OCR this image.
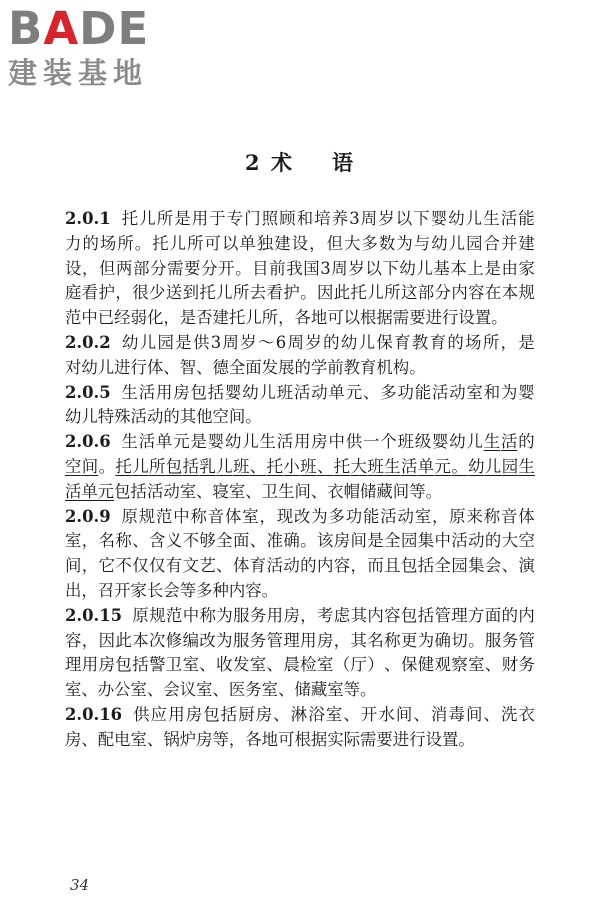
BADE
建装基地
2 术 语
2.0.1 托 儿 所 是 用 于 专 门 照 顾 和 培 养 3 周 岁 以 下 婴 幼 儿 生 活 能
力 的 场 所 。 托 儿 所 可 以 单 独 建 设 ， 但 大 多 数 为 与 幼 儿 园 合 并 建
设 ， 但 两 部 分 需 要 分 开 。 目 前 我 国 3 周 岁 以 下 幼 儿 基 本 上 是 由 家
庭 看 护 ， 很 少 送 到 托 儿 所 去 看 护 。 因 此 托 儿 所 这 部 分 内 容 在 本 规
范中已经弱化，是否建托儿所，各地可以根据需要进行设置。
2.0.2 幼 儿 园 是 供 3 周 岁 ～ 6 周 岁 的 幼 儿 保 育 教 育 的 场 所 ， 是
对幼儿进行体、智、德全面发展的学前教育机构。
2.0.5 生 活 用 房 包 括 婴 幼 儿 班 活 动 单 元 、 多 功 能 活 动 室 和 为 婴
幼儿特殊活动的其他空间。
2.0.6 生 活 单 元 是 婴 幼 儿 生 活 用 房 中 供 一 个 班 级 婴 幼 儿 生 活 的
空 间 。 托 儿 所 包 括 乳 儿 班 、 托 小 班 、 托 大 班 生 活 单 元 。 幼 儿 园 生
活单元 包括活动室、寝室、卫生间、衣帽储藏间等。
2.0.9 原 规 范 中 称 音 体 室 ， 现 改 为 多 功 能 活 动 室 ， 原 来 称 音 体
室 ， 名 称 、 含 义 不 够 全 面 、 准 确 。 该 房 间 是 全 园 集 中 活 动 的 大 空
间 ， 它 不 仅 仅 有 文 艺 、 体 育 活 动 的 内 容 ， 而 且 包 括 全 园 集 会 、 演
出，召开家长会等多种内容。
2.0.15 原 规 范 中 称 为 服 务 用 房 ， 考 虑 其 内 容 包 括 管 理 方 面 的 内
容 ， 因 此 本 次 修 编 改 为 服 务 管 理 用 房 ， 其 名 称 更 为 确 切 。 服 务 管
理 用 房 包 括 警 卫 室 、 收 发 室 、 晨 检 室 （ 厅 ） 、 保 健 观 察 室 、 财 务
室、办公室、会议室、医务室、储藏室等。
2.0.16 供 应 用 房 包 括 厨 房 、 淋 浴 室 、 开 水 间 、 消 毒 间 、 洗 衣
房、配电室、锅炉房等，各地可根据实际需要进行设置。
34
